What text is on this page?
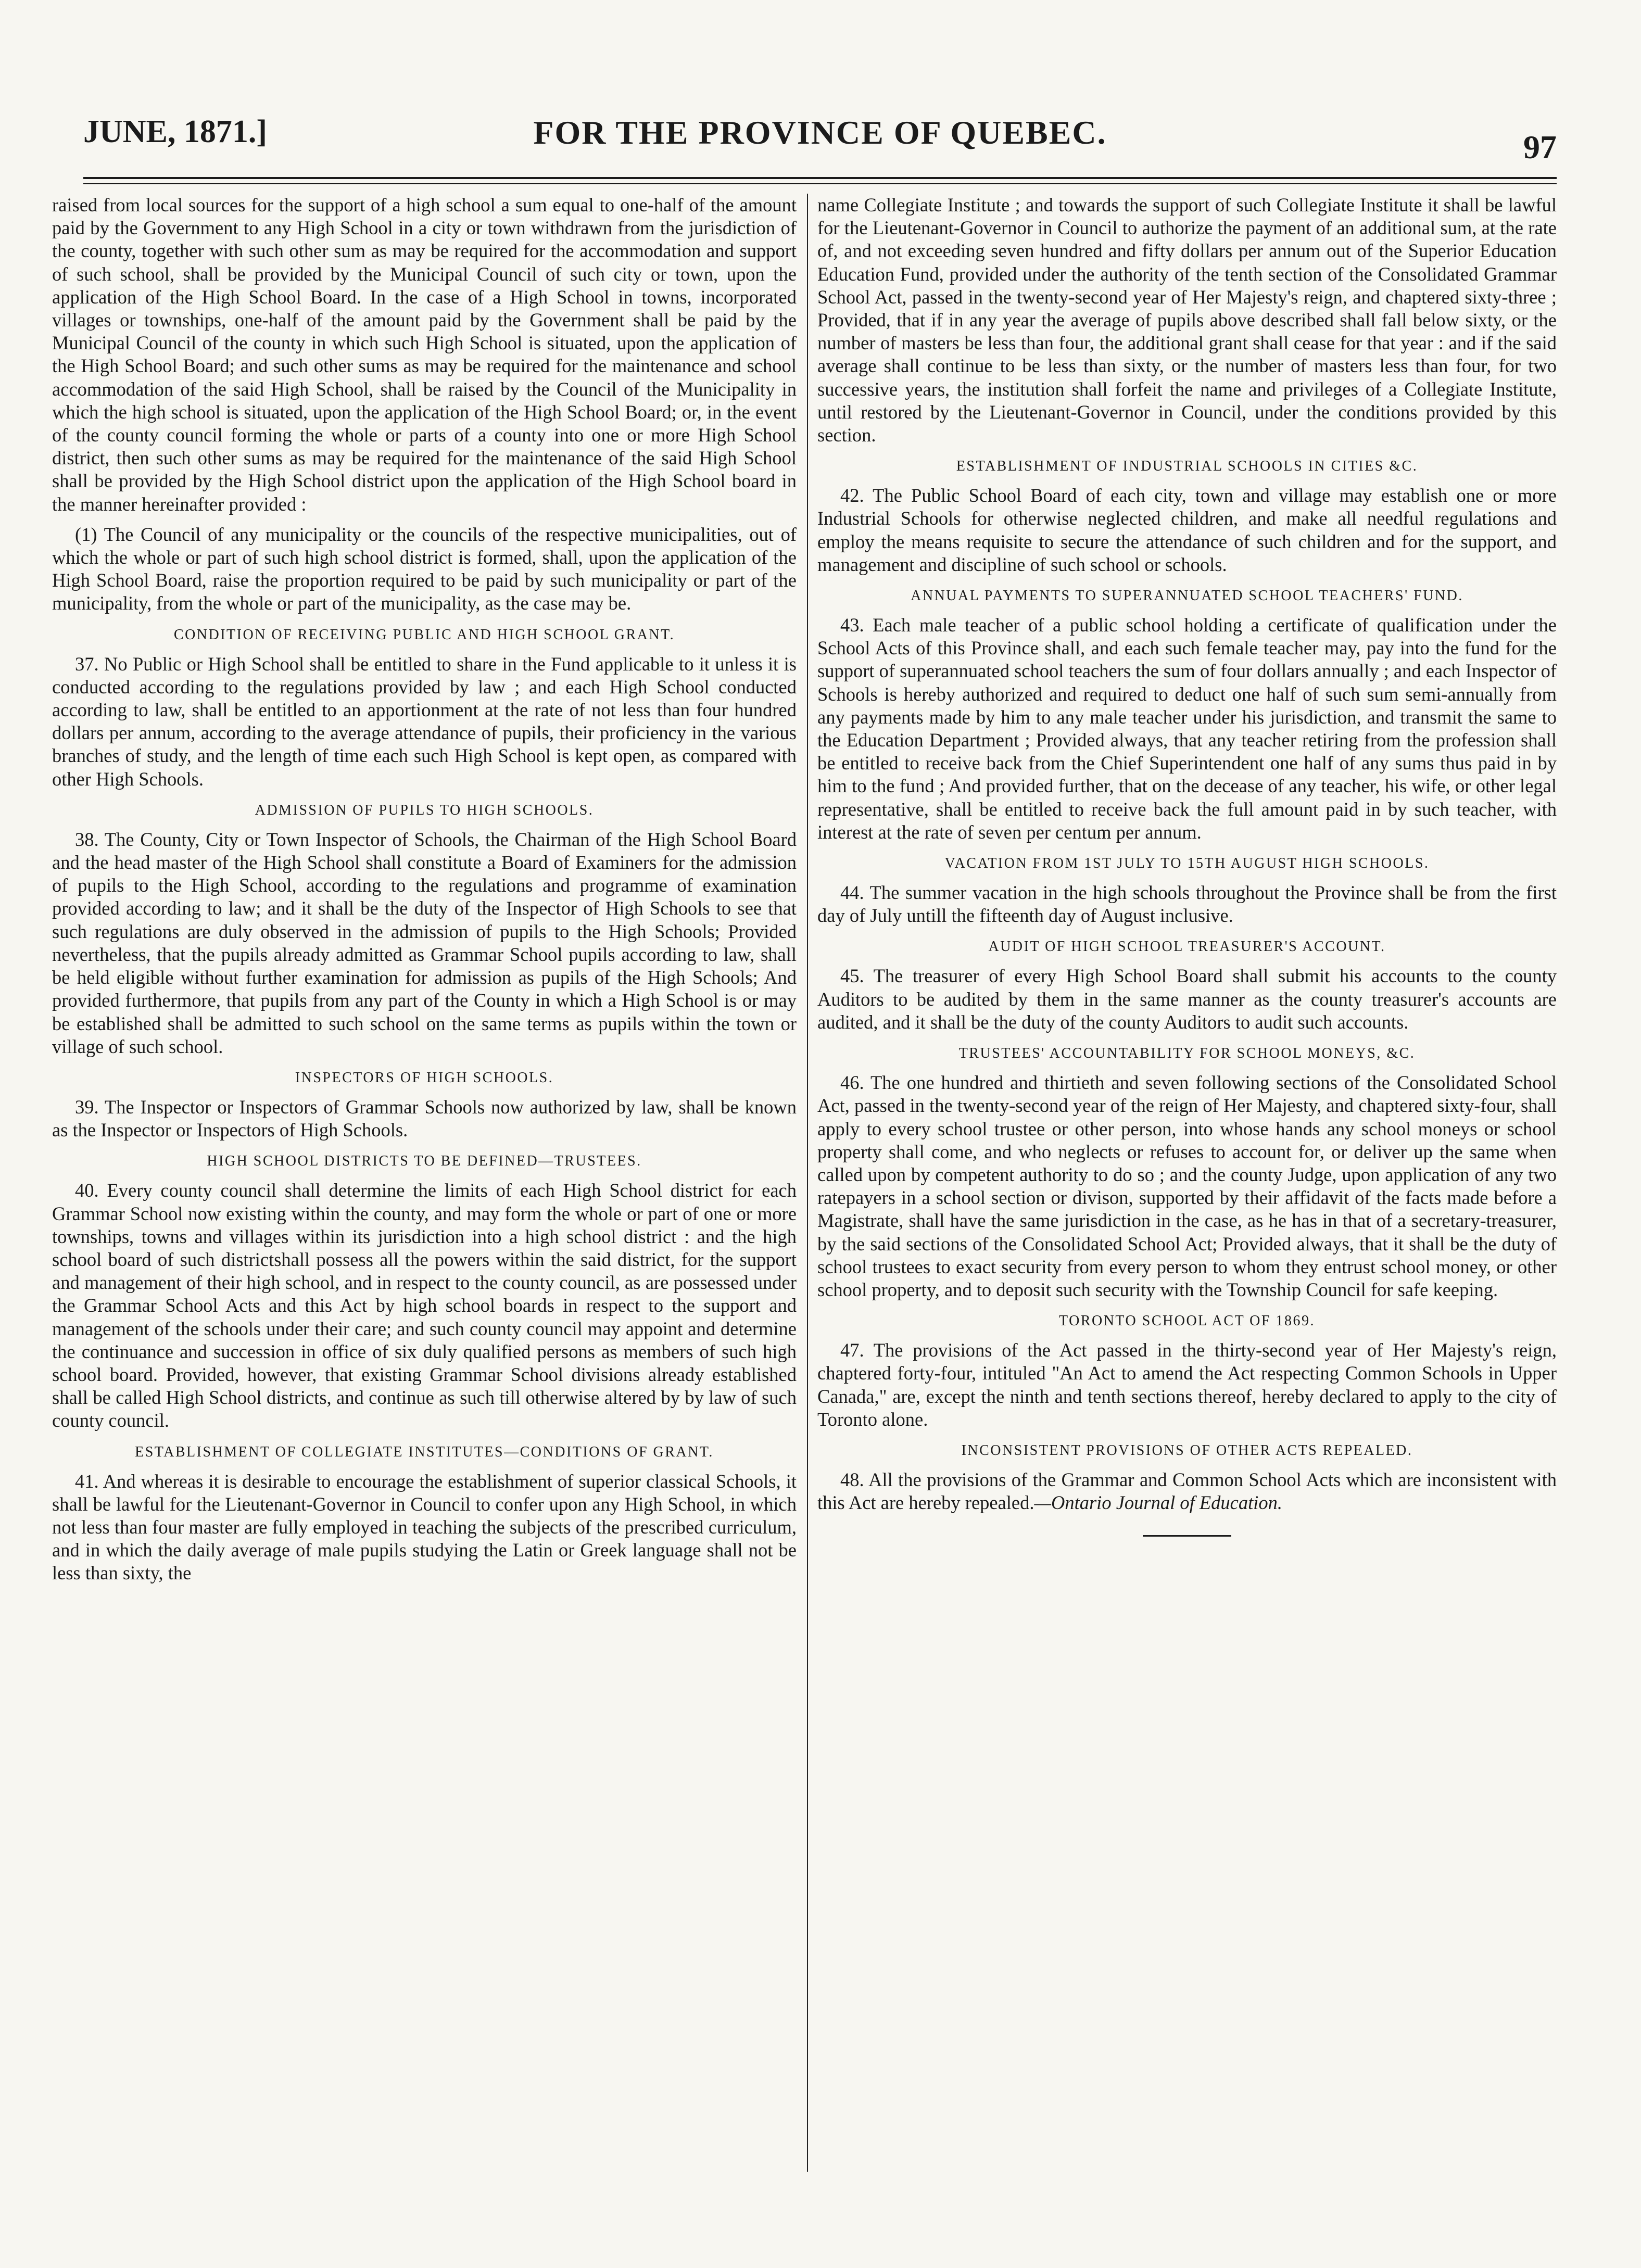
JUNE, 1871.]	FOR THE PROVINCE OF QUEBEC.	97

raised from local sources for the support of a high school a sum equal to one-half of the amount paid by the Government to any High School in a city or town withdrawn from the jurisdiction of the county, together with such other sum as may be required for the accommodation and support of such school, shall be provided by the Municipal Council of such city or town, upon the application of the High School Board. In the case of a High School in towns, incorporated villages or townships, one-half of the amount paid by the Government shall be paid by the Municipal Council of the county in which such High School is situated, upon the application of the High School Board; and such other sums as may be required for the maintenance and school accommodation of the said High School, shall be raised by the Council of the Municipality in which the high school is situated, upon the application of the High School Board; or, in the event of the county council forming the whole or parts of a county into one or more High School district, then such other sums as may be required for the maintenance of the said High School shall be provided by the High School district upon the application of the High School board in the manner hereinafter provided :

(1) The Council of any municipality or the councils of the respective municipalities, out of which the whole or part of such high school district is formed, shall, upon the application of the High School Board, raise the proportion required to be paid by such municipality or part of the municipality, from the whole or part of the municipality, as the case may be.

CONDITION OF RECEIVING PUBLIC AND HIGH SCHOOL GRANT.

37. No Public or High School shall be entitled to share in the Fund applicable to it unless it is conducted according to the regulations provided by law ; and each High School conducted according to law, shall be entitled to an apportionment at the rate of not less than four hundred dollars per annum, according to the average attendance of pupils, their proficiency in the various branches of study, and the length of time each such High School is kept open, as compared with other High Schools.

ADMISSION OF PUPILS TO HIGH SCHOOLS.

38. The County, City or Town Inspector of Schools, the Chairman of the High School Board and the head master of the High School shall constitute a Board of Examiners for the admission of pupils to the High School, according to the regulations and programme of examination provided according to law; and it shall be the duty of the Inspector of High Schools to see that such regulations are duly observed in the admission of pupils to the High Schools; Provided nevertheless, that the pupils already admitted as Grammar School pupils according to law, shall be held eligible without further examination for admission as pupils of the High Schools; And provided furthermore, that pupils from any part of the County in which a High School is or may be established shall be admitted to such school on the same terms as pupils within the town or village of such school.

INSPECTORS OF HIGH SCHOOLS.

39. The Inspector or Inspectors of Grammar Schools now authorized by law, shall be known as the Inspector or Inspectors of High Schools.

HIGH SCHOOL DISTRICTS TO BE DEFINED—TRUSTEES.

40. Every county council shall determine the limits of each High School district for each Grammar School now existing within the county, and may form the whole or part of one or more townships, towns and villages within its jurisdiction into a high school district : and the high school board of such districtshall possess all the powers within the said district, for the support and management of their high school, and in respect to the county council, as are possessed under the Grammar School Acts and this Act by high school boards in respect to the support and management of the schools under their care; and such county council may appoint and determine the continuance and succession in office of six duly qualified persons as members of such high school board. Provided, however, that existing Grammar School divisions already established shall be called High School districts, and continue as such till otherwise altered by by law of such county council.

ESTABLISHMENT OF COLLEGIATE INSTITUTES—CONDITIONS OF GRANT.

41. And whereas it is desirable to encourage the establishment of superior classical Schools, it shall be lawful for the Lieutenant-Governor in Council to confer upon any High School, in which not less than four master are fully employed in teaching the subjects of the prescribed curriculum, and in which the daily average of male pupils studying the Latin or Greek language shall not be less than sixty, the

name Collegiate Institute ; and towards the support of such Collegiate Institute it shall be lawful for the Lieutenant-Governor in Council to authorize the payment of an additional sum, at the rate of, and not exceeding seven hundred and fifty dollars per annum out of the Superior Education Education Fund, provided under the authority of the tenth section of the Consolidated Grammar School Act, passed in the twenty-second year of Her Majesty's reign, and chaptered sixty-three ; Provided, that if in any year the average of pupils above described shall fall below sixty, or the number of masters be less than four, the additional grant shall cease for that year : and if the said average shall continue to be less than sixty, or the number of masters less than four, for two successive years, the institution shall forfeit the name and privileges of a Collegiate Institute, until restored by the Lieutenant-Governor in Council, under the conditions provided by this section.

ESTABLISHMENT OF INDUSTRIAL SCHOOLS IN CITIES &C.

42. The Public School Board of each city, town and village may establish one or more Industrial Schools for otherwise neglected children, and make all needful regulations and employ the means requisite to secure the attendance of such children and for the support, and management and discipline of such school or schools.

ANNUAL PAYMENTS TO SUPERANNUATED SCHOOL TEACHERS' FUND.

43. Each male teacher of a public school holding a certificate of qualification under the School Acts of this Province shall, and each such female teacher may, pay into the fund for the support of superannuated school teachers the sum of four dollars annually ; and each Inspector of Schools is hereby authorized and required to deduct one half of such sum semi-annually from any payments made by him to any male teacher under his jurisdiction, and transmit the same to the Education Department ; Provided always, that any teacher retiring from the profession shall be entitled to receive back from the Chief Superintendent one half of any sums thus paid in by him to the fund ; And provided further, that on the decease of any teacher, his wife, or other legal representative, shall be entitled to receive back the full amount paid in by such teacher, with interest at the rate of seven per centum per annum.

VACATION FROM 1ST JULY TO 15TH AUGUST HIGH SCHOOLS.

44. The summer vacation in the high schools throughout the Province shall be from the first day of July untill the fifteenth day of August inclusive.

AUDIT OF HIGH SCHOOL TREASURER'S ACCOUNT.

45. The treasurer of every High School Board shall submit his accounts to the county Auditors to be audited by them in the same manner as the county treasurer's accounts are audited, and it shall be the duty of the county Auditors to audit such accounts.

TRUSTEES' ACCOUNTABILITY FOR SCHOOL MONEYS, &C.

46. The one hundred and thirtieth and seven following sections of the Consolidated School Act, passed in the twenty-second year of the reign of Her Majesty, and chaptered sixty-four, shall apply to every school trustee or other person, into whose hands any school moneys or school property shall come, and who neglects or refuses to account for, or deliver up the same when called upon by competent authority to do so ; and the county Judge, upon application of any two ratepayers in a school section or divison, supported by their affidavit of the facts made before a Magistrate, shall have the same jurisdiction in the case, as he has in that of a secretary-treasurer, by the said sections of the Consolidated School Act; Provided always, that it shall be the duty of school trustees to exact security from every person to whom they entrust school money, or other school property, and to deposit such security with the Township Council for safe keeping.

TORONTO SCHOOL ACT OF 1869.

47. The provisions of the Act passed in the thirty-second year of Her Majesty's reign, chaptered forty-four, intituled "An Act to amend the Act respecting Common Schools in Upper Canada," are, except the ninth and tenth sections thereof, hereby declared to apply to the city of Toronto alone.

INCONSISTENT PROVISIONS OF OTHER ACTS REPEALED.

48. All the provisions of the Grammar and Common School Acts which are inconsistent with this Act are hereby repealed.—Ontario Journal of Education.
